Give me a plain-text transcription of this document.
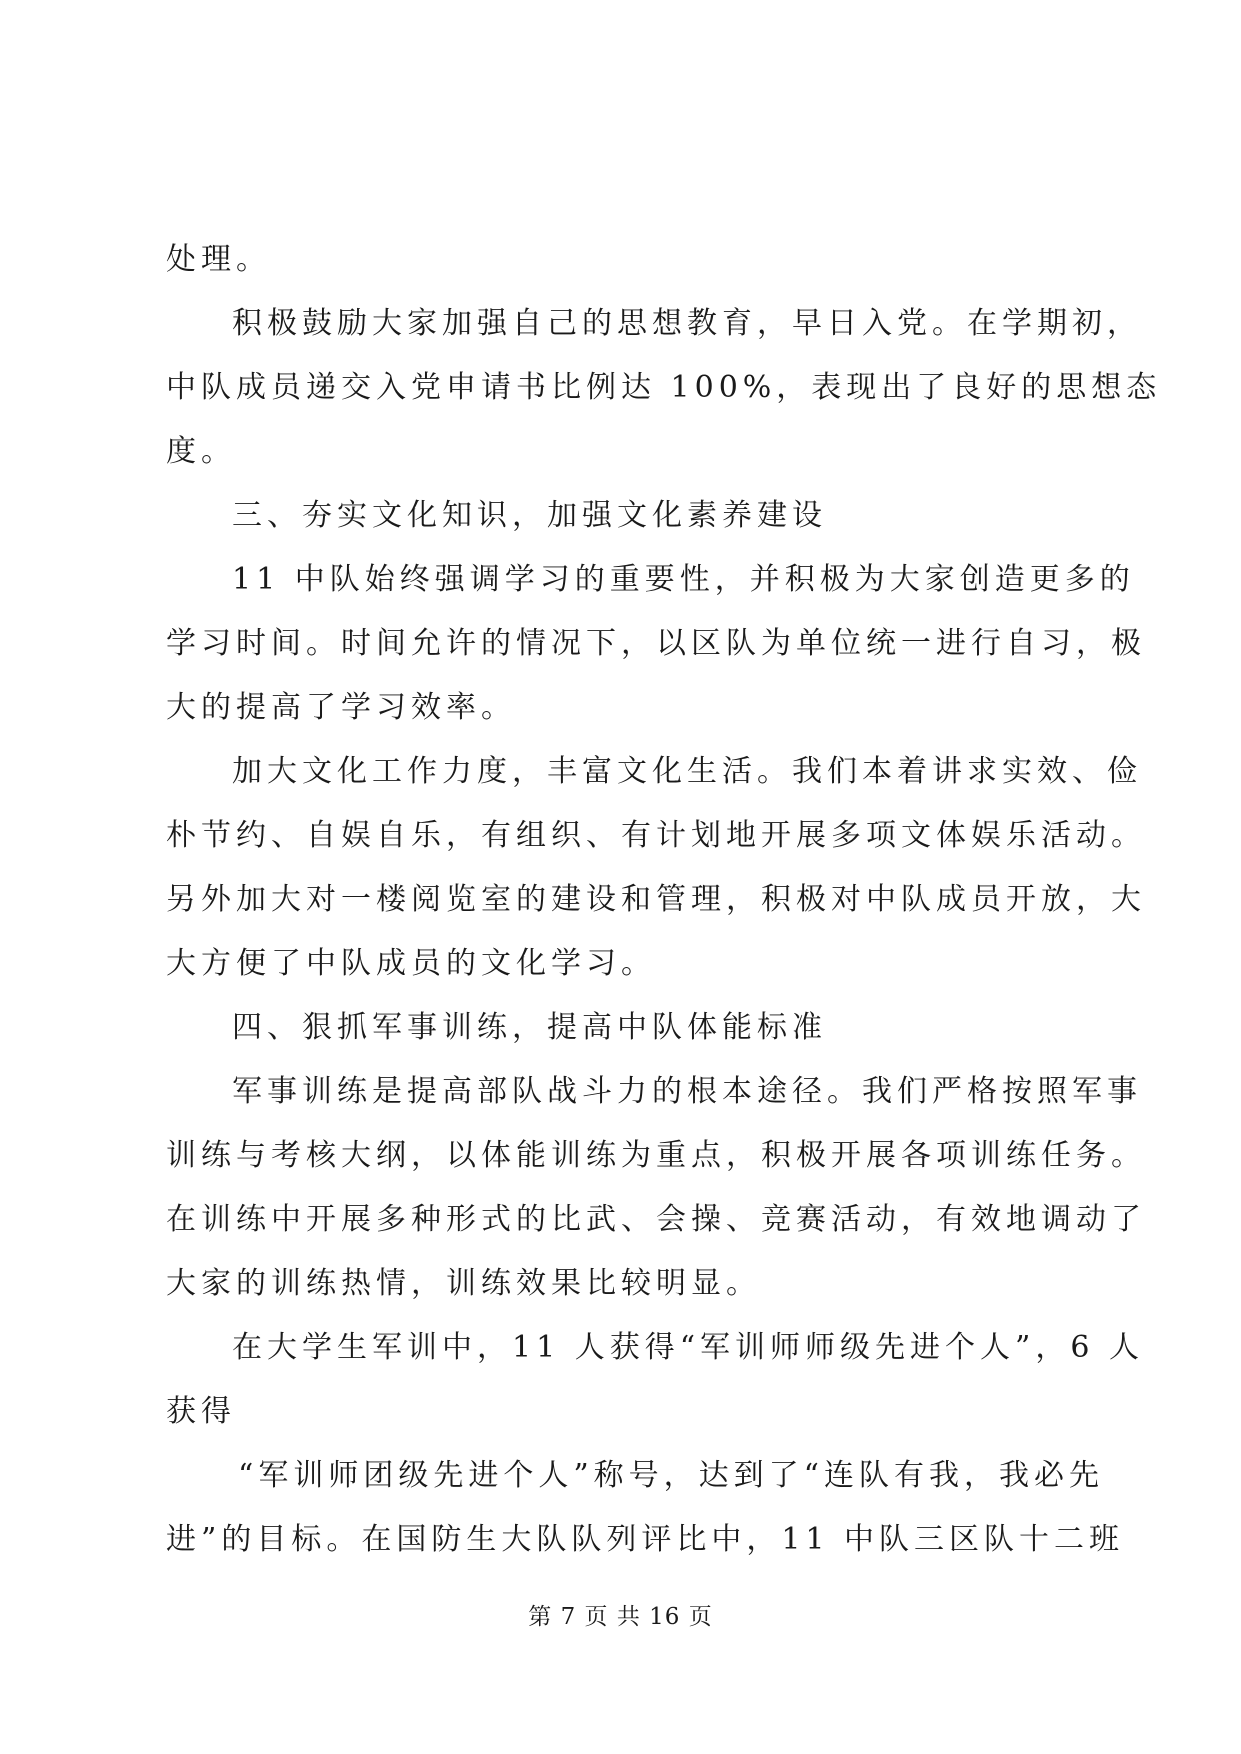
处理。
积极鼓励大家加强自己的思想教育，早日入党。在学期初，
中队成员递交入党申请书比例达 100%，表现出了良好的思想态
度。
三、夯实文化知识，加强文化素养建设
11 中队始终强调学习的重要性，并积极为大家创造更多的
学习时间。时间允许的情况下，以区队为单位统一进行自习，极
大的提高了学习效率。
加大文化工作力度，丰富文化生活。我们本着讲求实效、俭
朴节约、自娱自乐，有组织、有计划地开展多项文体娱乐活动。
另外加大对一楼阅览室的建设和管理，积极对中队成员开放，大
大方便了中队成员的文化学习。
四、狠抓军事训练，提高中队体能标准
军事训练是提高部队战斗力的根本途径。我们严格按照军事
训练与考核大纲，以体能训练为重点，积极开展各项训练任务。
在训练中开展多种形式的比武、会操、竞赛活动，有效地调动了
大家的训练热情，训练效果比较明显。
在大学生军训中，11 人获得“军训师师级先进个人”，6 人
获得
“军训师团级先进个人”称号，达到了“连队有我，我必先
进”的目标。在国防生大队队列评比中，11 中队三区队十二班
第 7 页 共 16 页
